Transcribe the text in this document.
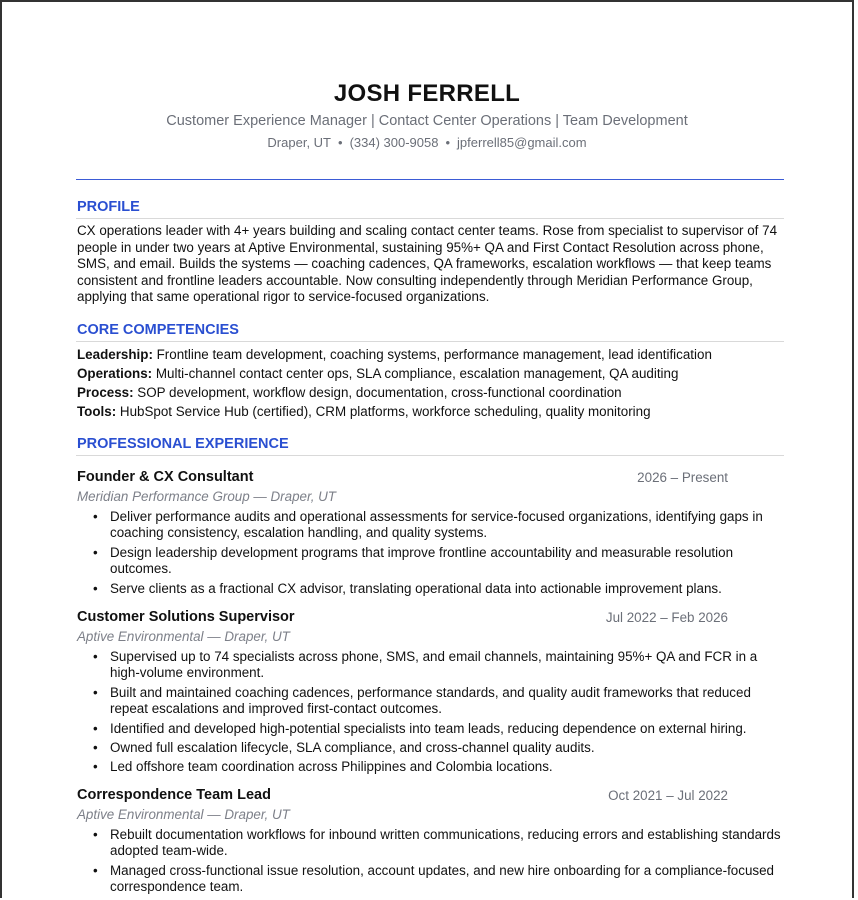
JOSH FERRELL
Customer Experience Manager | Contact Center Operations | Team Development
Draper, UT • (334) 300-9058 • jpferrell85@gmail.com
PROFILE
CX operations leader with 4+ years building and scaling contact center teams. Rose from specialist to supervisor of 74 people in under two years at Aptive Environmental, sustaining 95%+ QA and First Contact Resolution across phone, SMS, and email. Builds the systems — coaching cadences, QA frameworks, escalation workflows — that keep teams consistent and frontline leaders accountable. Now consulting independently through Meridian Performance Group, applying that same operational rigor to service-focused organizations.
CORE COMPETENCIES
Leadership: Frontline team development, coaching systems, performance management, lead identification
Operations: Multi-channel contact center ops, SLA compliance, escalation management, QA auditing
Process: SOP development, workflow design, documentation, cross-functional coordination
Tools: HubSpot Service Hub (certified), CRM platforms, workforce scheduling, quality monitoring
PROFESSIONAL EXPERIENCE
Founder & CX Consultant	2026 – Present
Meridian Performance Group — Draper, UT
• Deliver performance audits and operational assessments for service-focused organizations, identifying gaps in coaching consistency, escalation handling, and quality systems.
• Design leadership development programs that improve frontline accountability and measurable resolution outcomes.
• Serve clients as a fractional CX advisor, translating operational data into actionable improvement plans.
Customer Solutions Supervisor	Jul 2022 – Feb 2026
Aptive Environmental — Draper, UT
• Supervised up to 74 specialists across phone, SMS, and email channels, maintaining 95%+ QA and FCR in a high-volume environment.
• Built and maintained coaching cadences, performance standards, and quality audit frameworks that reduced repeat escalations and improved first-contact outcomes.
• Identified and developed high-potential specialists into team leads, reducing dependence on external hiring.
• Owned full escalation lifecycle, SLA compliance, and cross-channel quality audits.
• Led offshore team coordination across Philippines and Colombia locations.
Correspondence Team Lead	Oct 2021 – Jul 2022
Aptive Environmental — Draper, UT
• Rebuilt documentation workflows for inbound written communications, reducing errors and establishing standards adopted team-wide.
• Managed cross-functional issue resolution, account updates, and new hire onboarding for a compliance-focused correspondence team.
